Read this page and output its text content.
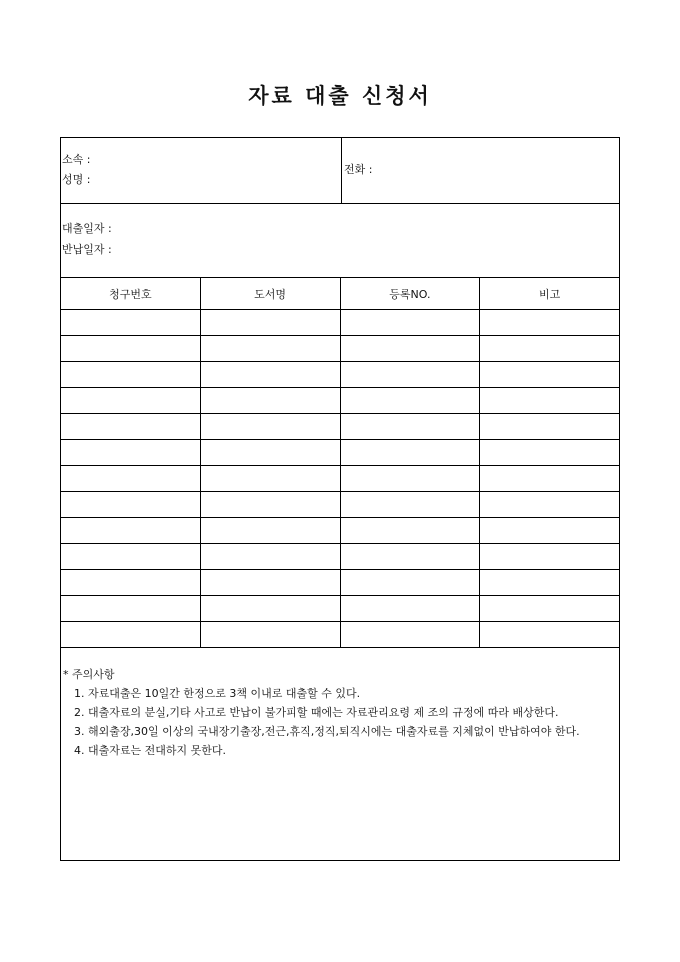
자료 대출 신청서
소속 :
성명 :
전화 :
대출일자 :
반납일자 :
청구번호	도서명	등록NO.	비고

* 주의사항
1. 자료대출은 10일간 한정으로 3책 이내로 대출할 수 있다.
2. 대출자료의 분실,기타 사고로 반납이 불가피할 때에는 자료관리요령 제 조의 규정에 따라 배상한다.
3. 해외출장,30일 이상의 국내장기출장,전근,휴직,정직,퇴직시에는 대출자료를 지체없이 반납하여야 한다.
4. 대출자료는 전대하지 못한다.
